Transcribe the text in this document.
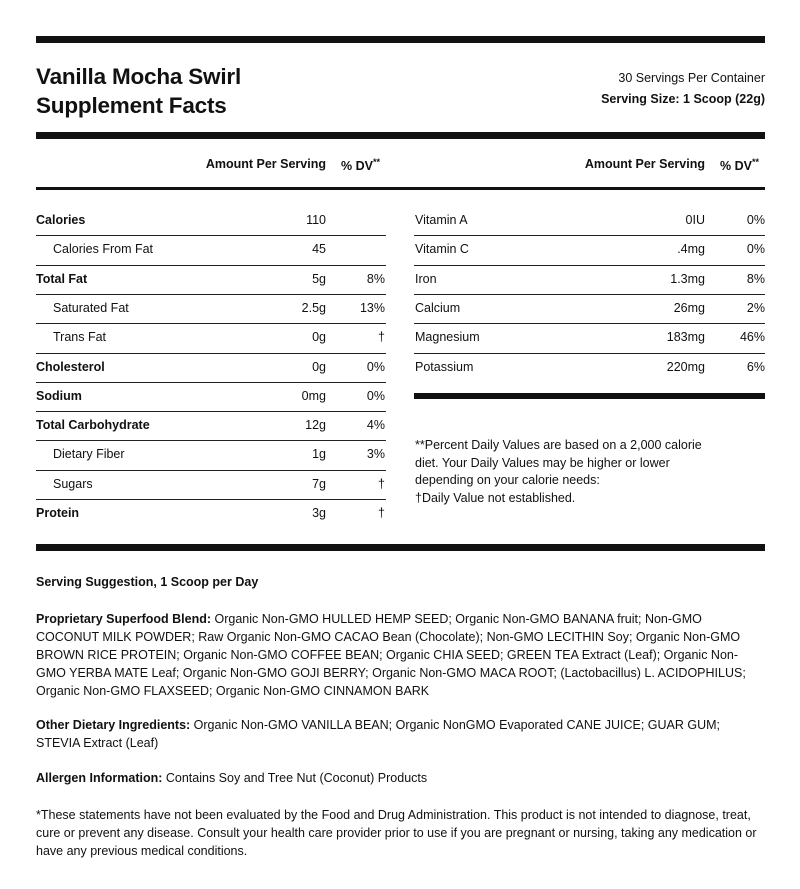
Vanilla Mocha Swirl
Supplement Facts
30 Servings Per Container
Serving Size: 1 Scoop (22g)
Amount Per Serving % DV**	Amount Per Serving % DV**
Calories	110
Calories From Fat	45
Total Fat	5g	8%
Saturated Fat	2.5g	13%
Trans Fat	0g	†
Cholesterol	0g	0%
Sodium	0mg	0%
Total Carbohydrate	12g	4%
Dietary Fiber	1g	3%
Sugars	7g	†
Protein	3g	†
Vitamin A	0IU	0%
Vitamin C	.4mg	0%
Iron	1.3mg	8%
Calcium	26mg	2%
Magnesium	183mg	46%
Potassium	220mg	6%
**Percent Daily Values are based on a 2,000 calorie
diet. Your Daily Values may be higher or lower
depending on your calorie needs:
†Daily Value not established.

Serving Suggestion, 1 Scoop per Day

Proprietary Superfood Blend: Organic Non-GMO HULLED HEMP SEED; Organic Non-GMO BANANA fruit; Non-GMO COCONUT MILK POWDER; Raw Organic Non-GMO CACAO Bean (Chocolate); Non-GMO LECITHIN Soy; Organic Non-GMO BROWN RICE PROTEIN; Organic Non-GMO COFFEE BEAN; Organic CHIA SEED; GREEN TEA Extract (Leaf); Organic Non-GMO YERBA MATE Leaf; Organic Non-GMO GOJI BERRY; Organic Non-GMO MACA ROOT; (Lactobacillus) L. ACIDOPHILUS; Organic Non-GMO FLAXSEED; Organic Non-GMO CINNAMON BARK

Other Dietary Ingredients: Organic Non-GMO VANILLA BEAN; Organic NonGMO Evaporated CANE JUICE; GUAR GUM; STEVIA Extract (Leaf)

Allergen Information: Contains Soy and Tree Nut (Coconut) Products

*These statements have not been evaluated by the Food and Drug Administration. This product is not intended to diagnose, treat, cure or prevent any disease. Consult your health care provider prior to use if you are pregnant or nursing, taking any medication or have any previous medical conditions.
